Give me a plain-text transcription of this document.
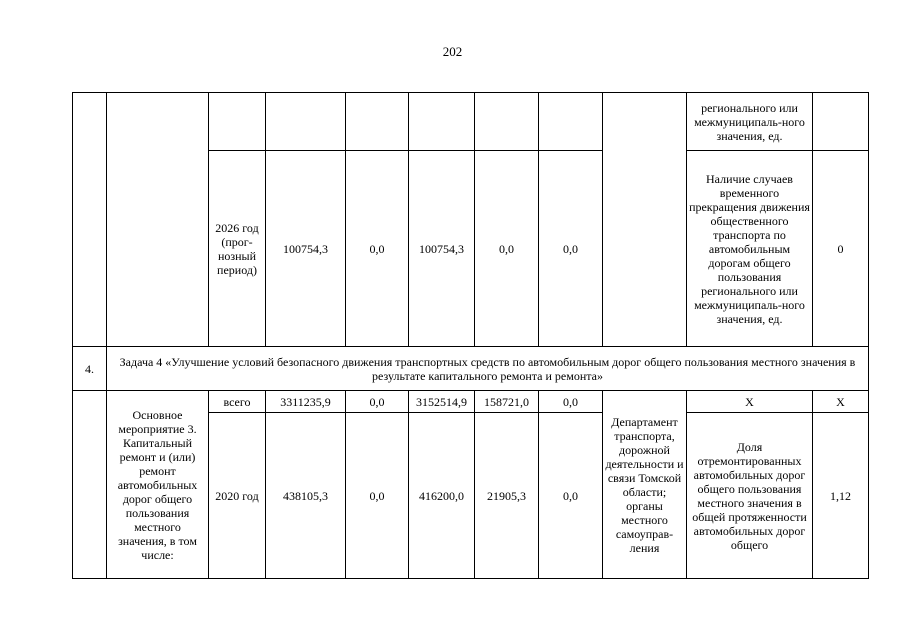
202
									регионального или межмуниципаль-ного значения, ед.	
		2026 год (прог-нозный период)	100754,3	0,0	100754,3	0,0	0,0		Наличие случаев временного прекращения движения общественного транспорта по автомобильным дорогам общего пользования регионального или межмуниципаль-ного значения, ед.	0
4.	Задача 4 «Улучшение условий безопасного движения транспортных средств по автомобильным дорог общего пользования местного значения в результате капитального ремонта и ремонта»									
	Основное мероприятие 3. Капитальный ремонт и (или) ремонт автомобильных дорог общего пользования местного значения, в том числе:	всего	3311235,9	0,0	3152514,9	158721,0	0,0	Департамент транспорта, дорожной деятельности и связи Томской области; органы местного самоуправ-ления	Х	Х
		2020 год	438105,3	0,0	416200,0	21905,3	0,0		Доля отремонтированных автомобильных дорог общего пользования местного значения в общей протяженности автомобильных дорог общего	1,12
